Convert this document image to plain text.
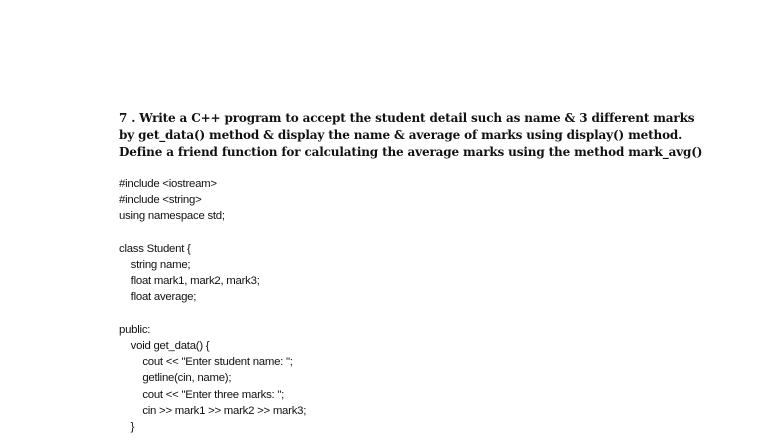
7 . Write a C++ program to accept the student detail such as name & 3 different marks
by get_data() method & display the name & average of marks using display() method.
Define a friend function for calculating the average marks using the method mark_avg()
#include <iostream>
#include <string>
using namespace std;
class Student {
string name;
float mark1, mark2, mark3;
float average;
public:
void get_data() {
cout << "Enter student name: ";
getline(cin, name);
cout << "Enter three marks: ";
cin >> mark1 >> mark2 >> mark3;
}
